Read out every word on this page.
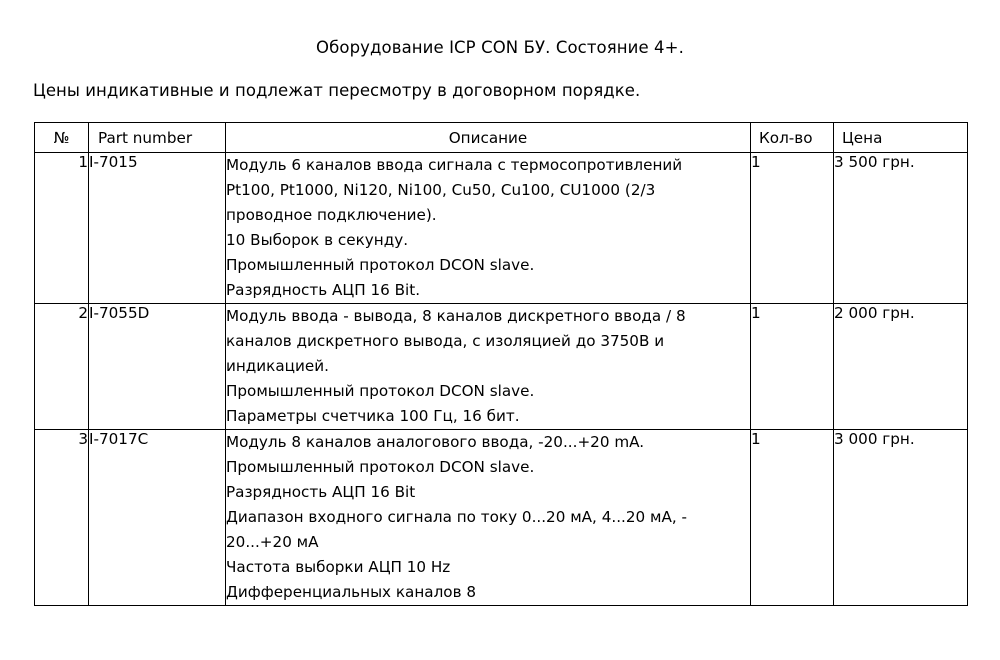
Оборудование ICP CON БУ. Состояние 4+.
Цены индикативные и подлежат пересмотру в договорном порядке.
№	Part number	Описание	Кол-во	Цена
1	I-7015	Модуль 6 каналов ввода сигнала с термосопротивлений
Pt100, Pt1000, Ni120, Ni100, Cu50, Cu100, CU1000 (2/3
проводное подключение).
10 Выборок в секунду.
Промышленный протокол DCON slave.
Разрядность АЦП 16 Bit.
	1	3 500 грн.
2	I-7055D	Модуль ввода - вывода, 8 каналов дискретного ввода / 8
каналов дискретного вывода, с изоляцией до 3750В и
индикацией.
Промышленный протокол DCON slave.
Параметры счетчика 100 Гц, 16 бит.	1	2 000 грн.
3	I-7017C	Модуль 8 каналов аналогового ввода, -20...+20 mA.
Промышленный протокол DCON slave.
Разрядность АЦП 16 Bit
Диапазон входного сигнала по току 0...20 мА, 4...20 мА, -
20...+20 мА
Частота выборки АЦП 10 Hz
Дифференциальных каналов 8
	1	3 000 грн.
